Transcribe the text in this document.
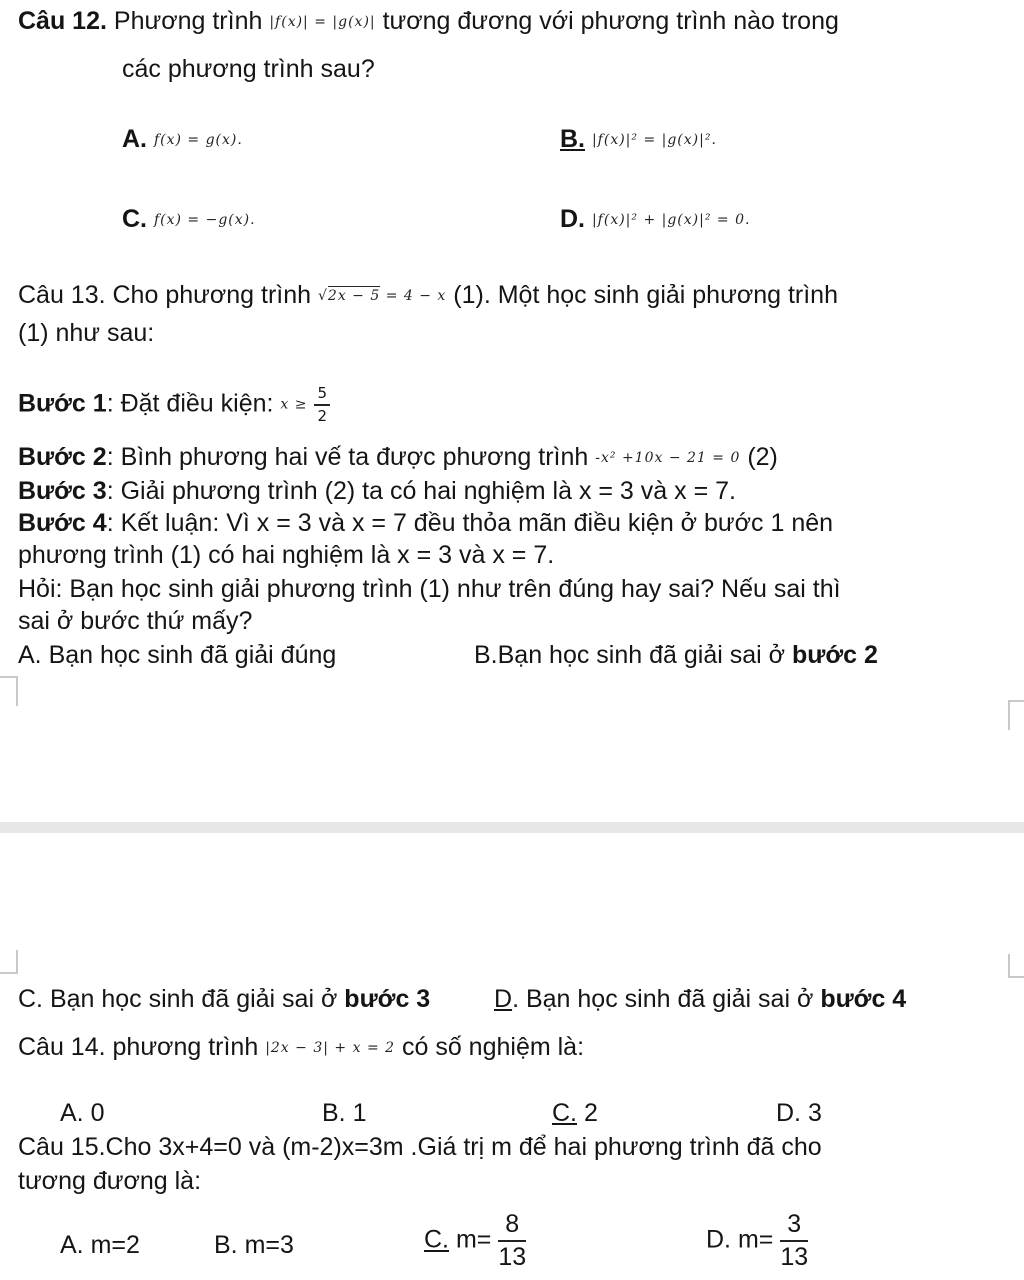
Câu 12. Phương trình |f(x)| = |g(x)| tương đương với phương trình nào trong
các phương trình sau?
A. f(x) = g(x).	B. |f(x)|² = |g(x)|².
C. f(x) = −g(x).	D. |f(x)|² + |g(x)|² = 0.
Câu 13. Cho phương trình √2x − 5 = 4 − x (1). Một học sinh giải phương trình
(1) như sau:
Bước 1: Đặt điều kiện: $x \ge \frac{5}{2}$
Bước 2: Bình phương hai vế ta được phương trình -x² +10x − 21 = 0 (2)
Bước 3: Giải phương trình (2) ta có hai nghiệm là x = 3 và x = 7.
Bước 4: Kết luận: Vì x = 3 và x = 7 đều thỏa mãn điều kiện ở bước 1 nên
phương trình (1) có hai nghiệm là x = 3 và x = 7.
Hỏi: Bạn học sinh giải phương trình (1) như trên đúng hay sai? Nếu sai thì
sai ở bước thứ mấy?
A. Bạn học sinh đã giải đúng	B.Bạn học sinh đã giải sai ở bước 2
C. Bạn học sinh đã giải sai ở bước 3	D. Bạn học sinh đã giải sai ở bước 4
Câu 14. phương trình |2x − 3| + x = 2 có số nghiệm là:
A. 0	B. 1	C. 2	D. 3
Câu 15.Cho 3x+4=0 và (m-2)x=3m .Giá trị m để hai phương trình đã cho
tương đương là:
A. m=2	B. m=3	C. $m= \frac{8}{13}$	D. $m= \frac{3}{13}$
